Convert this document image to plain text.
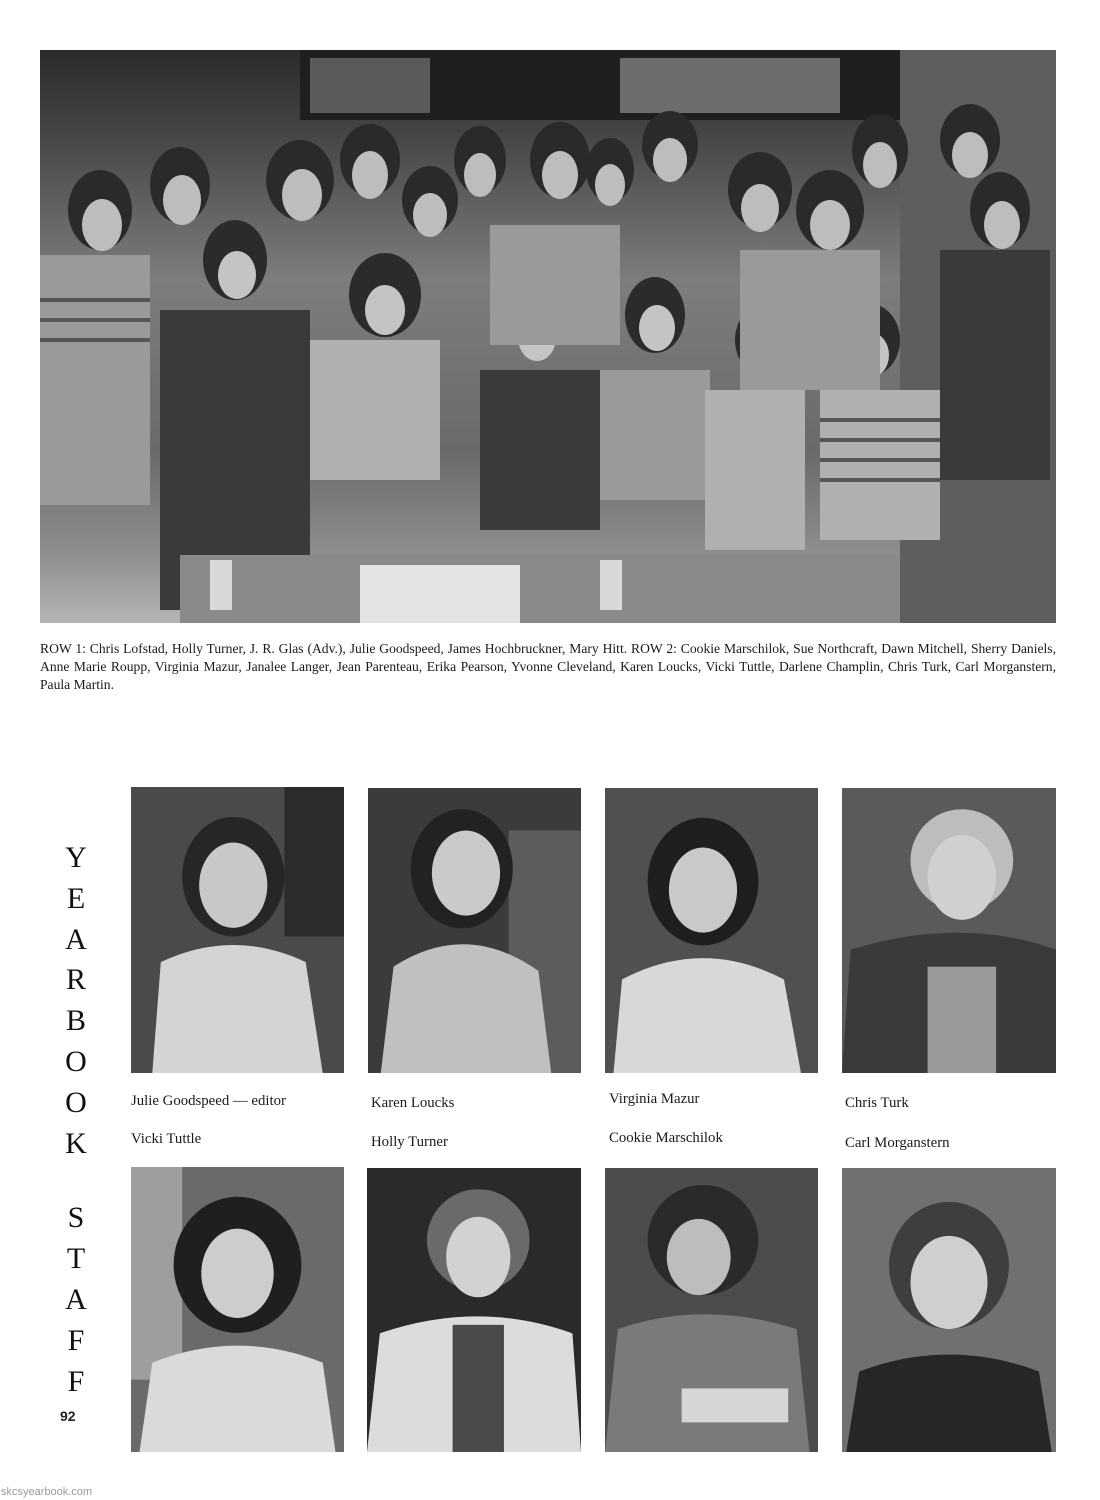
ROW 1: Chris Lofstad, Holly Turner, J. R. Glas (Adv.), Julie Goodspeed, James Hochbruckner, Mary Hitt. ROW 2: Cookie Marschilok, Sue Northcraft, Dawn Mitchell, Sherry Daniels, Anne Marie Roupp, Virginia Mazur, Janalee Langer, Jean Parenteau, Erika Pearson, Yvonne Cleveland, Karen Loucks, Vicki Tuttle, Darlene Champlin, Chris Turk, Carl Morganstern, Paula Martin.

Y
E
A
R
B
O
O
K
S
T
A
F
F
Julie Goodspeed — editor	Karen Loucks	Virginia Mazur	Chris Turk
Vicki Tuttle	Holly Turner	Cookie Marschilok	Carl Morganstern
92
skcsyearbook.com
